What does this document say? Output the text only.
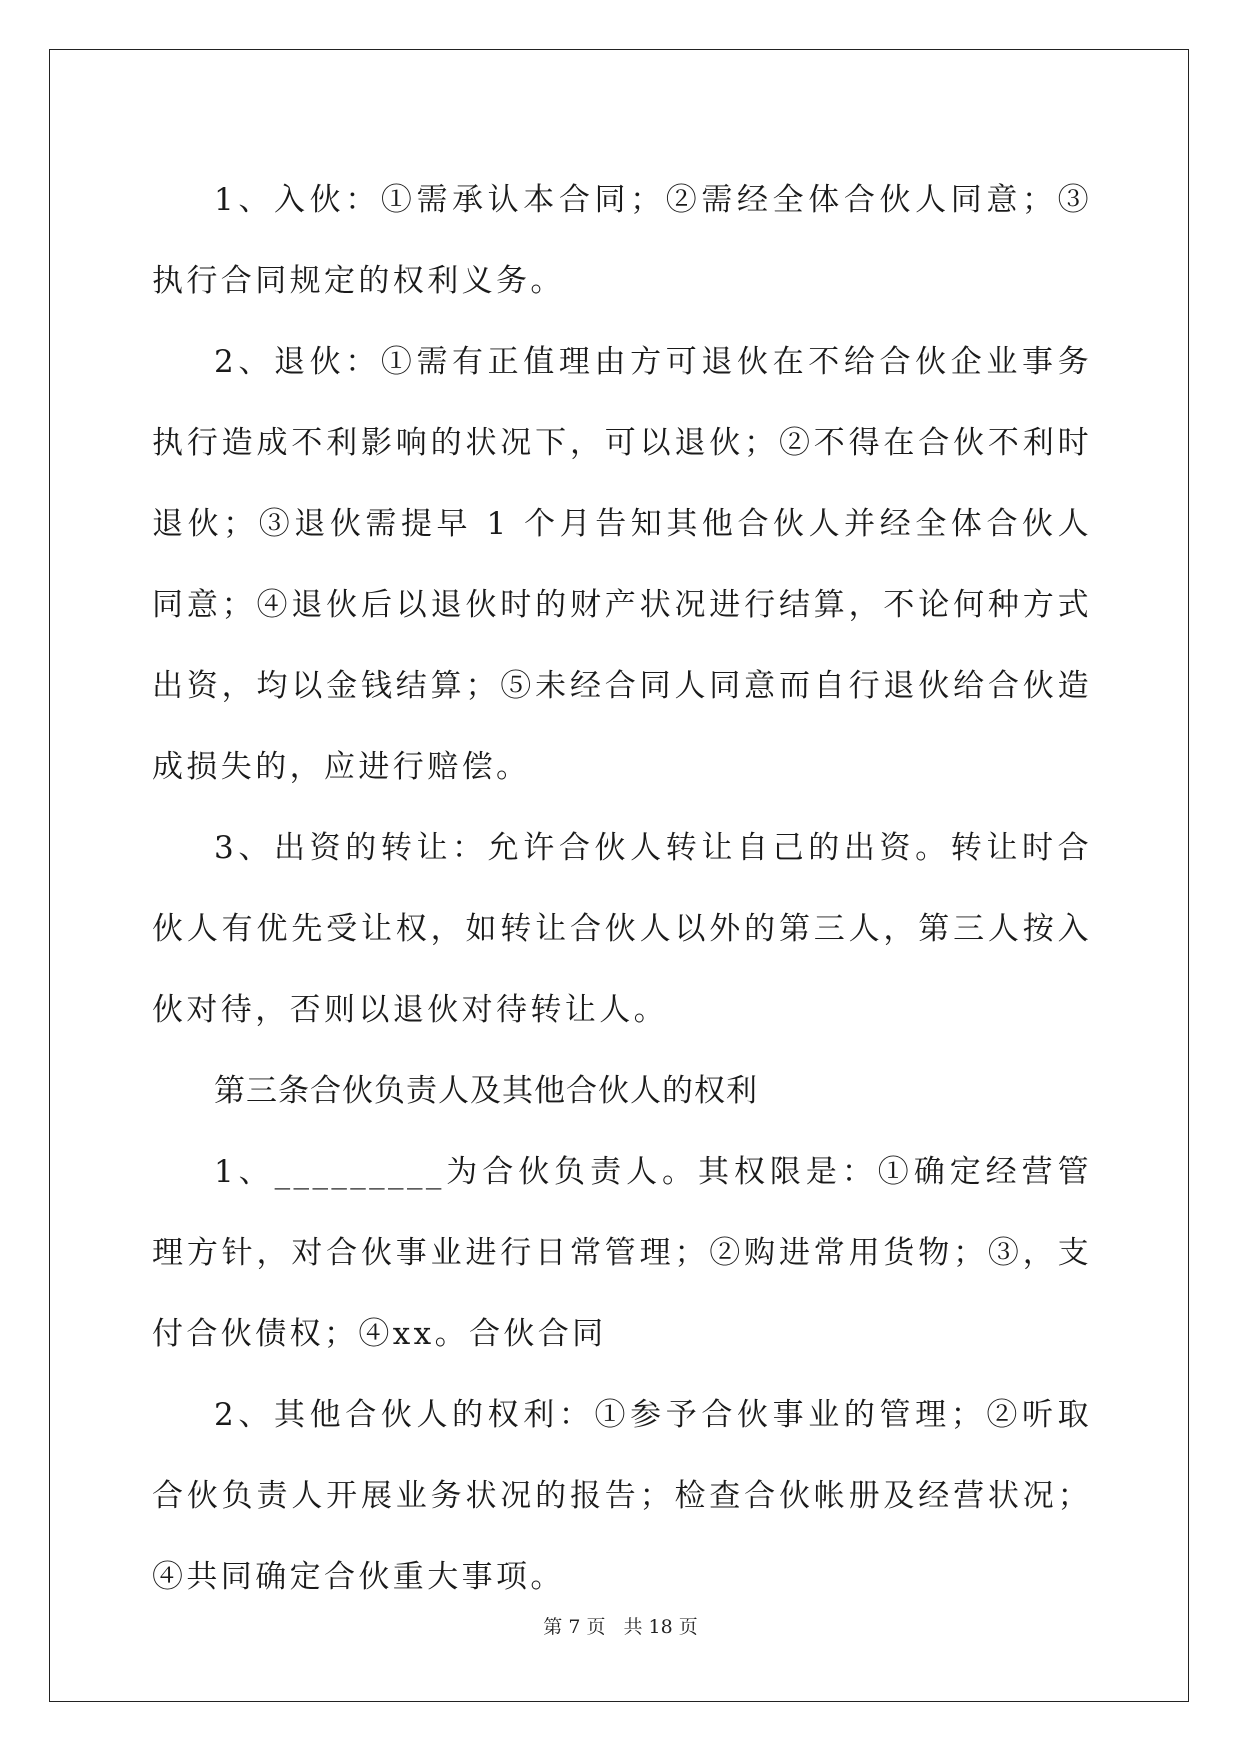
1、入伙：①需承认本合同；②需经全体合伙人同意；③执行合同规定的权利义务。

2、退伙：①需有正值理由方可退伙在不给合伙企业事务执行造成不利影响的状况下，可以退伙；②不得在合伙不利时退伙；③退伙需提早 1 个月告知其他合伙人并经全体合伙人同意；④退伙后以退伙时的财产状况进行结算，不论何种方式出资，均以金钱结算；⑤未经合同人同意而自行退伙给合伙造成损失的，应进行赔偿。

3、出资的转让：允许合伙人转让自己的出资。转让时合伙人有优先受让权，如转让合伙人以外的第三人，第三人按入伙对待，否则以退伙对待转让人。

第三条合伙负责人及其他合伙人的权利

1、_________为合伙负责人。其权限是：①确定经营管理方针，对合伙事业进行日常管理；②购进常用货物；③，支付合伙债权；④xx。合伙合同

2、其他合伙人的权利：①参予合伙事业的管理；②听取合伙负责人开展业务状况的报告；检查合伙帐册及经营状况；④共同确定合伙重大事项。

第 7 页 共 18 页
